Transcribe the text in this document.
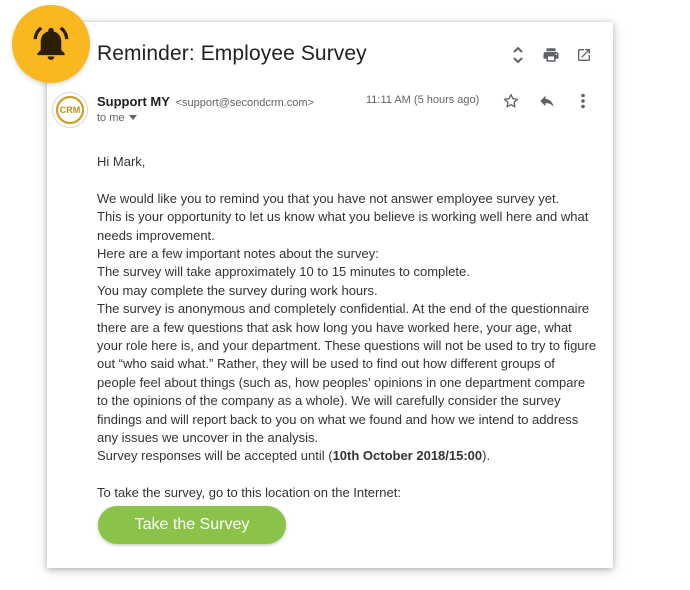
Reminder: Employee Survey
CRM
Support MY <support@secondcrm.com>
to me
11:11 AM (5 hours ago)

Hi Mark,

We would like you to remind you that you have not answer employee survey yet.

This is your opportunity to let us know what you believe is working well here and what needs improvement.

Here are a few important notes about the survey:

The survey will take approximately 10 to 15 minutes to complete.

You may complete the survey during work hours.

The survey is anonymous and completely confidential. At the end of the questionnaire there are a few questions that ask how long you have worked here, your age, what your role here is, and your department. These questions will not be used to try to figure out “who said what.” Rather, they will be used to find out how different groups of people feel about things (such as, how peoples’ opinions in one department compare to the opinions of the company as a whole). We will carefully consider the survey findings and will report back to you on what we found and how we intend to address any issues we uncover in the analysis.

Survey responses will be accepted until (10th October 2018/15:00).

To take the survey, go to this location on the Internet:

Take the Survey
